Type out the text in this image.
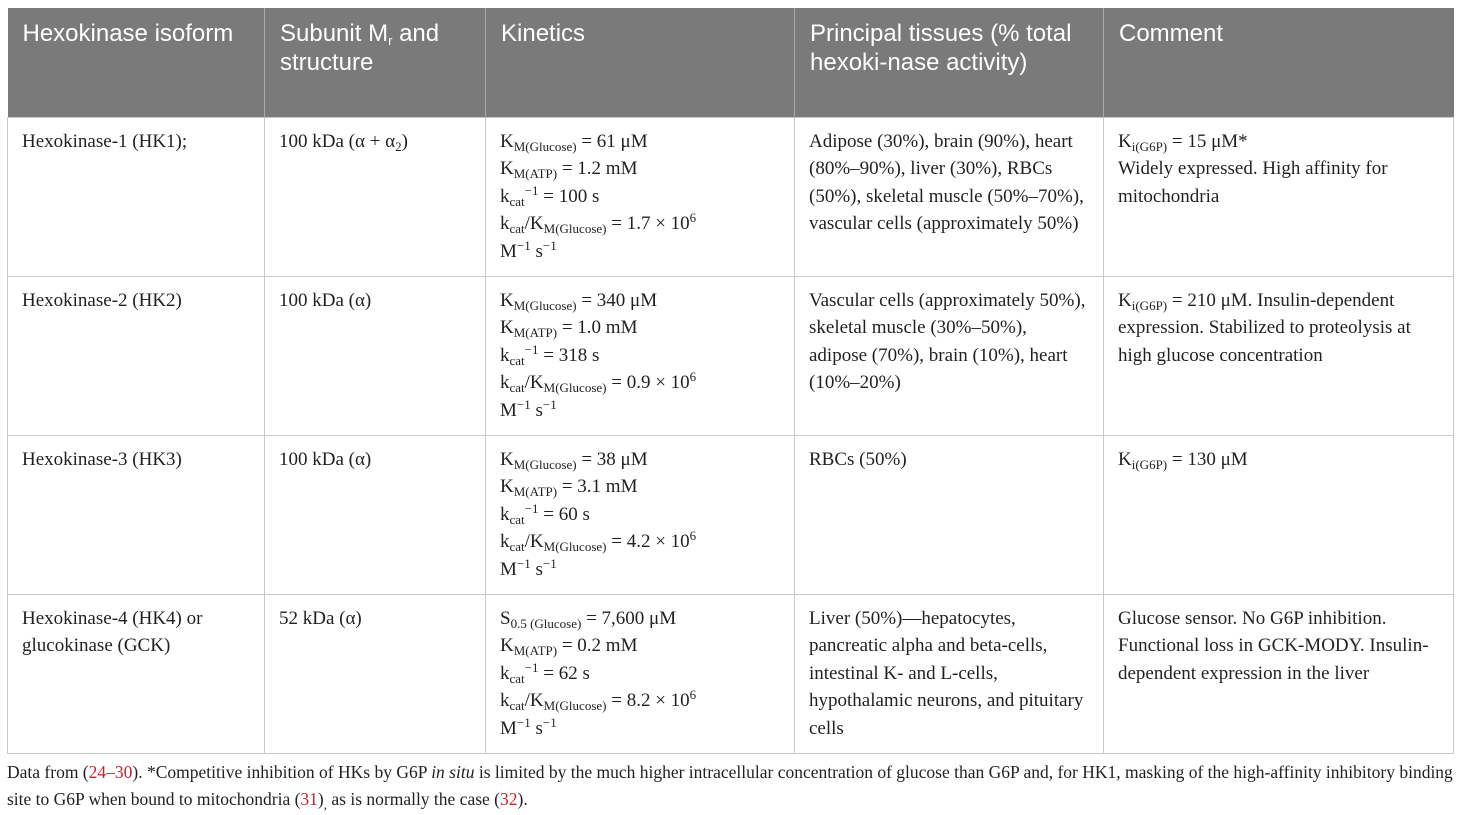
Hexokinase isoform	Subunit $M_r$ and structure	Kinetics	Principal tissues (% total hexoki-nase activity)	Comment
Hexokinase-1 (HK1);	100 kDa $(\alpha + \alpha_2)$	$K_{M(Glucose)} = 61$ μM
$K_{M(ATP)} = 1.2$ mM
$k_{cat}^{-1} = 100$ s
$k_{cat}/K_{M(Glucose)} = 1.7 \times 10^6$
$M^{-1}$ $s^{-1}$	Adipose (30%), brain (90%), heart (80%–90%), liver (30%), RBCs (50%), skeletal muscle (50%–70%), vascular cells (approximately 50%)	$K_{i(G6P)} = 15$ μM*
Widely expressed. High affinity for mitochondria

Hexokinase-2 (HK2)	100 kDa (α)	$K_{M(Glucose)} = 340$ μM
$K_{M(ATP)} = 1.0$ mM
$k_{cat}^{-1} = 318$ s
$k_{cat}/K_{M(Glucose)} = 0.9 \times 10^6$
$M^{-1}$ $s^{-1}$	Vascular cells (approximately 50%), skeletal muscle (30%–50%), adipose (70%), brain (10%), heart (10%–20%)	$K_{i(G6P)} = 210$ μM. Insulin-dependent
expression. Stabilized to proteolysis at high glucose concentration

Hexokinase-3 (HK3)	100 kDa (α)	$K_{M(Glucose)} = 38$ μM
$K_{M(ATP)} = 3.1$ mM
$k_{cat}^{-1} = 60$ s
$k_{cat}/K_{M(Glucose)} = 4.2 \times 10^6$
$M^{-1}$ $s^{-1}$	RBCs (50%)	$K_{i(G6P)} = 130$ μM

Hexokinase-4 (HK4) or glucokinase (GCK)	52 kDa (α)	$S_{0.5 (Glucose)} = 7,600$ μM
$K_{M(ATP)} = 0.2$ mM
$k_{cat}^{-1} = 62$ s
$k_{cat}/K_{M(Glucose)} = 8.2 \times 10^6$
$M^{-1}$ $s^{-1}$	Liver (50%)—hepatocytes, pancreatic alpha and beta-cells, intestinal K- and L-cells, hypothalamic neurons, and pituitary cells	Glucose sensor. No G6P inhibition. Functional loss in GCK-MODY. Insulin-dependent expression in the liver
Data from (24–30). *Competitive inhibition of HKs by G6P in situ is limited by the much higher intracellular concentration of glucose than G6P and, for HK1, masking of the high-affinity inhibitory binding site to G6P when bound to mitochondria $(31)_,$ as is normally the case (32).
